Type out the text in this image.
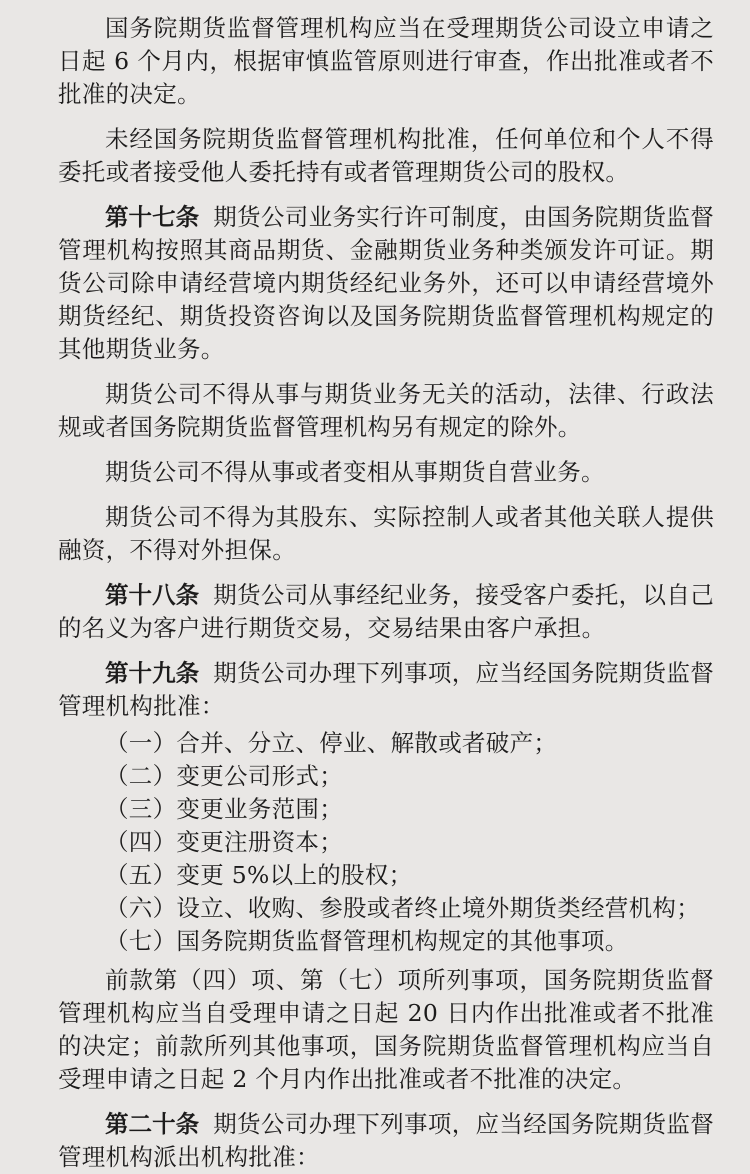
国务院期货监督管理机构应当在受理期货公司设立申请之日起 6 个月内，根据审慎监管原则进行审查，作出批准或者不批准的决定。

未经国务院期货监督管理机构批准，任何单位和个人不得委托或者接受他人委托持有或者管理期货公司的股权。

第十七条 期货公司业务实行许可制度，由国务院期货监督管理机构按照其商品期货、金融期货业务种类颁发许可证。期货公司除申请经营境内期货经纪业务外，还可以申请经营境外期货经纪、期货投资咨询以及国务院期货监督管理机构规定的其他期货业务。

期货公司不得从事与期货业务无关的活动，法律、行政法规或者国务院期货监督管理机构另有规定的除外。

期货公司不得从事或者变相从事期货自营业务。

期货公司不得为其股东、实际控制人或者其他关联人提供融资，不得对外担保。

第十八条 期货公司从事经纪业务，接受客户委托，以自己的名义为客户进行期货交易，交易结果由客户承担。

第十九条 期货公司办理下列事项，应当经国务院期货监督管理机构批准：

（一）合并、分立、停业、解散或者破产；

（二）变更公司形式；

（三）变更业务范围；

（四）变更注册资本；

（五）变更 5%以上的股权；

（六）设立、收购、参股或者终止境外期货类经营机构；

（七）国务院期货监督管理机构规定的其他事项。

前款第（四）项、第（七）项所列事项，国务院期货监督管理机构应当自受理申请之日起 20 日内作出批准或者不批准的决定；前款所列其他事项，国务院期货监督管理机构应当自受理申请之日起 2 个月内作出批准或者不批准的决定。

第二十条 期货公司办理下列事项，应当经国务院期货监督管理机构派出机构批准：
